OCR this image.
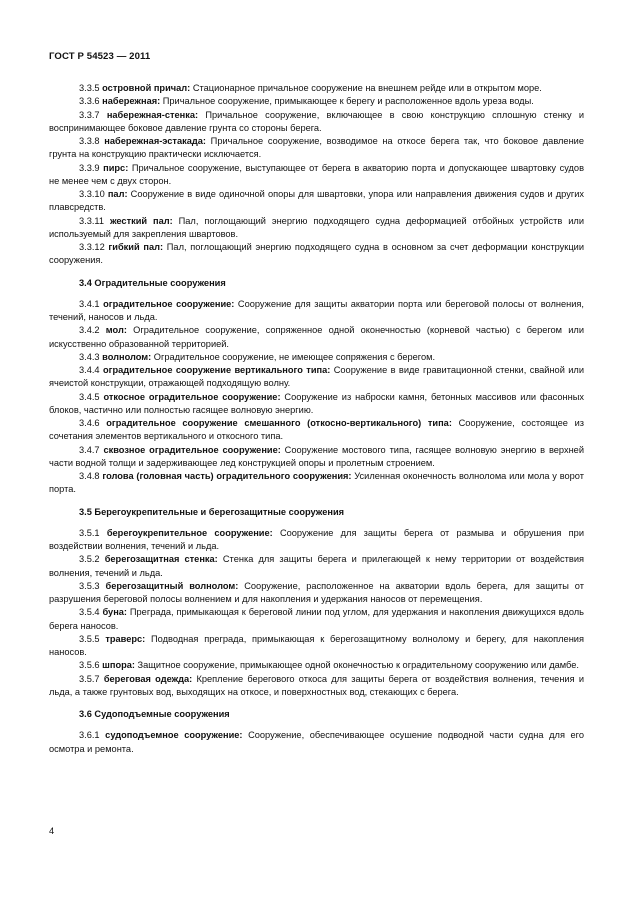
ГОСТ Р 54523 — 2011

3.3.5 островной причал: Стационарное причальное сооружение на внешнем рейде или в открытом море.

3.3.6 набережная: Причальное сооружение, примыкающее к берегу и расположенное вдоль уреза воды.

3.3.7 набережная-стенка: Причальное сооружение, включающее в свою конструкцию сплошную стенку и воспринимающее боковое давление грунта со стороны берега.

3.3.8 набережная-эстакада: Причальное сооружение, возводимое на откосе берега так, что боковое давление грунта на конструкцию практически исключается.

3.3.9 пирс: Причальное сооружение, выступающее от берега в акваторию порта и допускающее швартовку судов не менее чем с двух сторон.

3.3.10 пал: Сооружение в виде одиночной опоры для швартовки, упора или направления движения судов и других плавсредств.

3.3.11 жесткий пал: Пал, поглощающий энергию подходящего судна деформацией отбойных устройств или используемый для закрепления швартовов.

3.3.12 гибкий пал: Пал, поглощающий энергию подходящего судна в основном за счет деформации конструкции сооружения.

3.4 Оградительные сооружения

3.4.1 оградительное сооружение: Сооружение для защиты акватории порта или береговой полосы от волнения, течений, наносов и льда.

3.4.2 мол: Оградительное сооружение, сопряженное одной оконечностью (корневой частью) с берегом или искусственно образованной территорией.

3.4.3 волнолом: Оградительное сооружение, не имеющее сопряжения с берегом.

3.4.4 оградительное сооружение вертикального типа: Сооружение в виде гравитационной стенки, свайной или ячеистой конструкции, отражающей подходящую волну.

3.4.5 откосное оградительное сооружение: Сооружение из наброски камня, бетонных массивов или фасонных блоков, частично или полностью гасящее волновую энергию.

3.4.6 оградительное сооружение смешанного (откосно-вертикального) типа: Сооружение, состоящее из сочетания элементов вертикального и откосного типа.

3.4.7 сквозное оградительное сооружение: Сооружение мостового типа, гасящее волновую энергию в верхней части водной толщи и задерживающее лед конструкцией опоры и пролетным строением.

3.4.8 голова (головная часть) оградительного сооружения: Усиленная оконечность волнолома или мола у ворот порта.

3.5 Берегоукрепительные и берегозащитные сооружения

3.5.1 берегоукрепительное сооружение: Сооружение для защиты берега от размыва и обрушения при воздействии волнения, течений и льда.

3.5.2 берегозащитная стенка: Стенка для защиты берега и прилегающей к нему территории от воздействия волнения, течений и льда.

3.5.3 берегозащитный волнолом: Сооружение, расположенное на акватории вдоль берега, для защиты от разрушения береговой полосы волнением и для накопления и удержания наносов от перемещения.

3.5.4 буна: Преграда, примыкающая к береговой линии под углом, для удержания и накопления движущихся вдоль берега наносов.

3.5.5 траверс: Подводная преграда, примыкающая к берегозащитному волнолому и берегу, для накопления наносов.

3.5.6 шпора: Защитное сооружение, примыкающее одной оконечностью к оградительному сооружению или дамбе.

3.5.7 береговая одежда: Крепление берегового откоса для защиты берега от воздействия волнения, течения и льда, а также грунтовых вод, выходящих на откосе, и поверхностных вод, стекающих с берега.

3.6 Судоподъемные сооружения

3.6.1 судоподъемное сооружение: Сооружение, обеспечивающее осушение подводной части судна для его осмотра и ремонта.

4
